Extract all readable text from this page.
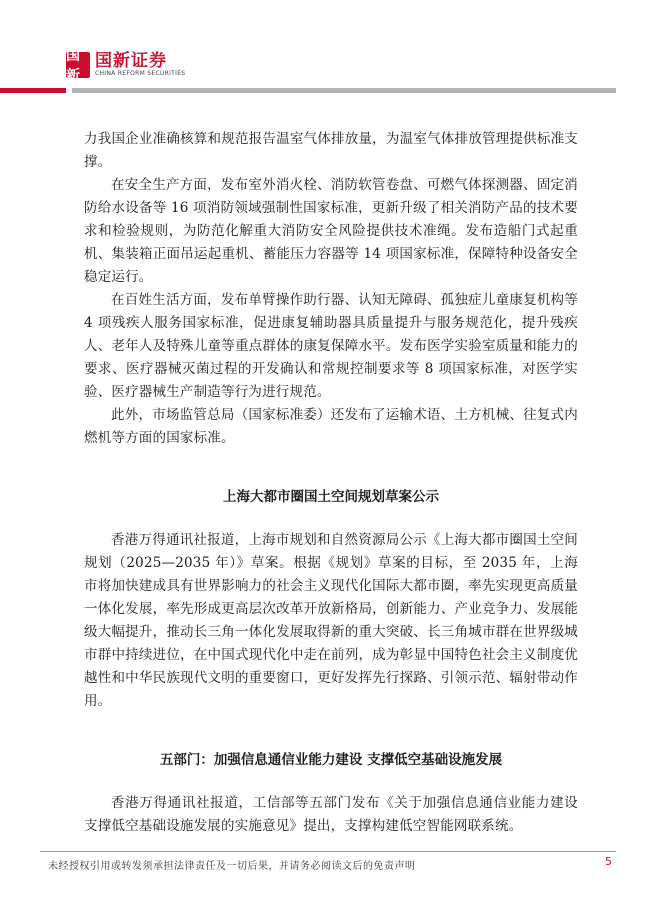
国新
国新证券
CHINA REFORM SECURITIES

力我国企业准确核算和规范报告温室气体排放量，为温室气体排放管理提供标准支撑。

在安全生产方面，发布室外消火栓、消防软管卷盘、可燃气体探测器、固定消防给水设备等 16 项消防领域强制性国家标准，更新升级了相关消防产品的技术要求和检验规则，为防范化解重大消防安全风险提供技术准绳。发布造船门式起重机、集装箱正面吊运起重机、蓄能压力容器等 14 项国家标准，保障特种设备安全稳定运行。

在百姓生活方面，发布单臂操作助行器、认知无障碍、孤独症儿童康复机构等 4 项残疾人服务国家标准，促进康复辅助器具质量提升与服务规范化，提升残疾人、老年人及特殊儿童等重点群体的康复保障水平。发布医学实验室质量和能力的要求、医疗器械灭菌过程的开发确认和常规控制要求等 8 项国家标准，对医学实验、医疗器械生产制造等行为进行规范。

此外，市场监管总局（国家标准委）还发布了运输术语、土方机械、往复式内燃机等方面的国家标准。

上海大都市圈国土空间规划草案公示

香港万得通讯社报道，上海市规划和自然资源局公示《上海大都市圈国土空间规划（2025—2035 年）》草案。根据《规划》草案的目标，至 2035 年，上海市将加快建成具有世界影响力的社会主义现代化国际大都市圈，率先实现更高质量一体化发展，率先形成更高层次改革开放新格局，创新能力、产业竞争力、发展能级大幅提升，推动长三角一体化发展取得新的重大突破、长三角城市群在世界级城市群中持续进位，在中国式现代化中走在前列，成为彰显中国特色社会主义制度优越性和中华民族现代文明的重要窗口，更好发挥先行探路、引领示范、辐射带动作用。

五部门：加强信息通信业能力建设 支撑低空基础设施发展

香港万得通讯社报道，工信部等五部门发布《关于加强信息通信业能力建设 支撑低空基础设施发展的实施意见》提出，支撑构建低空智能网联系统。

未经授权引用或转发须承担法律责任及一切后果，并请务必阅读文后的免责声明	5
